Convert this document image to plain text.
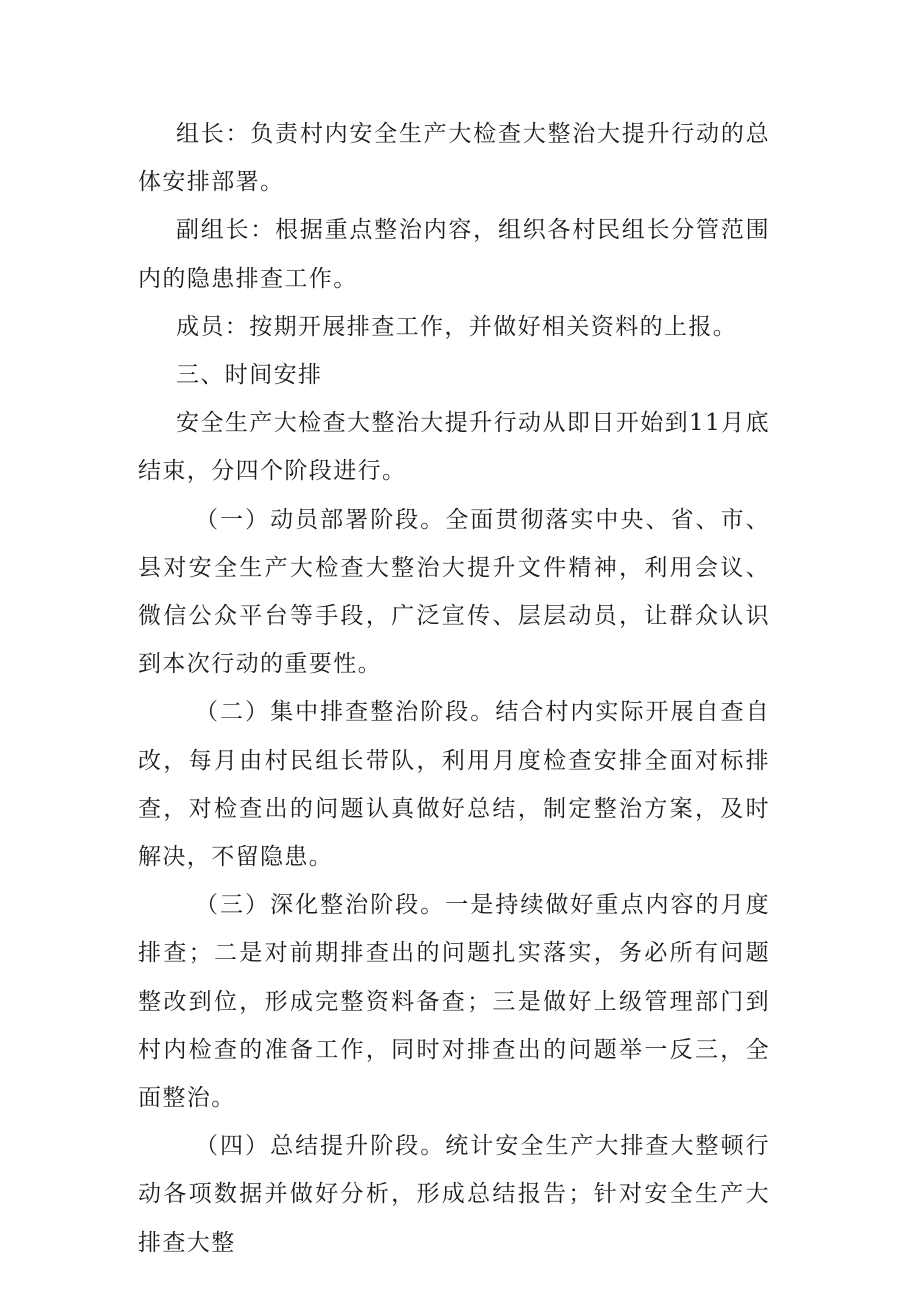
组长：负责村内安全生产大检查大整治大提升行动的总体安排部署。

副组长：根据重点整治内容，组织各村民组长分管范围内的隐患排查工作。

成员：按期开展排查工作，并做好相关资料的上报。

三、时间安排

安全生产大检查大整治大提升行动从即日开始到11月底结束，分四个阶段进行。

（一）动员部署阶段。全面贯彻落实中央、省、市、县对安全生产大检查大整治大提升文件精神，利用会议、微信公众平台等手段，广泛宣传、层层动员，让群众认识到本次行动的重要性。

（二）集中排查整治阶段。结合村内实际开展自查自改，每月由村民组长带队，利用月度检查安排全面对标排查，对检查出的问题认真做好总结，制定整治方案，及时解决，不留隐患。

（三）深化整治阶段。一是持续做好重点内容的月度排查；二是对前期排查出的问题扎实落实，务必所有问题整改到位，形成完整资料备查；三是做好上级管理部门到村内检查的准备工作，同时对排查出的问题举一反三，全面整治。

（四）总结提升阶段。统计安全生产大排查大整顿行动各项数据并做好分析，形成总结报告；针对安全生产大排查大整
